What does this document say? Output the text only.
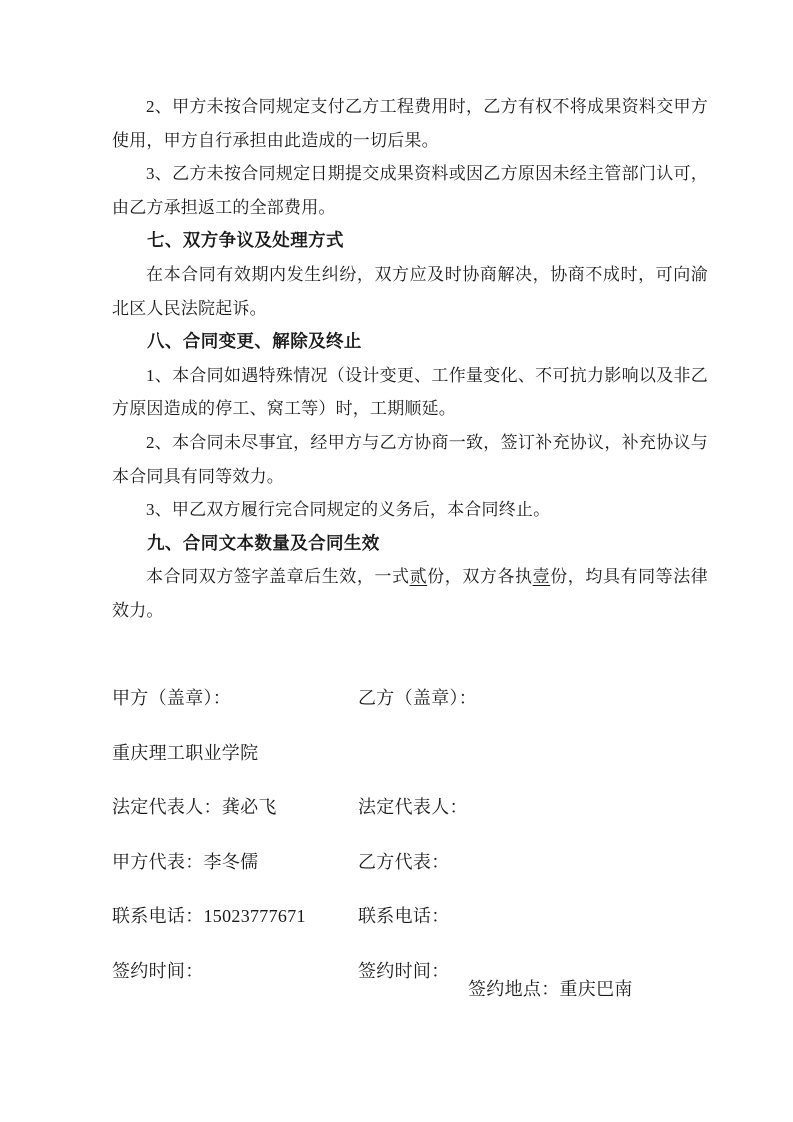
2、甲方未按合同规定支付乙方工程费用时，乙方有权不将成果资料交甲方使用，甲方自行承担由此造成的一切后果。

3、乙方未按合同规定日期提交成果资料或因乙方原因未经主管部门认可，由乙方承担返工的全部费用。

七、双方争议及处理方式

在本合同有效期内发生纠纷，双方应及时协商解决，协商不成时，可向渝北区人民法院起诉。

八、合同变更、解除及终止

1、本合同如遇特殊情况（设计变更、工作量变化、不可抗力影响以及非乙方原因造成的停工、窝工等）时，工期顺延。

2、本合同未尽事宜，经甲方与乙方协商一致，签订补充协议，补充协议与本合同具有同等效力。

3、甲乙双方履行完合同规定的义务后，本合同终止。

九、合同文本数量及合同生效

本合同双方签字盖章后生效，一式贰份，双方各执壹份，均具有同等法律效力。

甲方（盖章）：	乙方（盖章）：
重庆理工职业学院
法定代表人：龚必飞	法定代表人：
甲方代表：李冬儒	乙方代表：
联系电话：15023777671	联系电话：
签约时间：	签约时间：
签约地点：重庆巴南
